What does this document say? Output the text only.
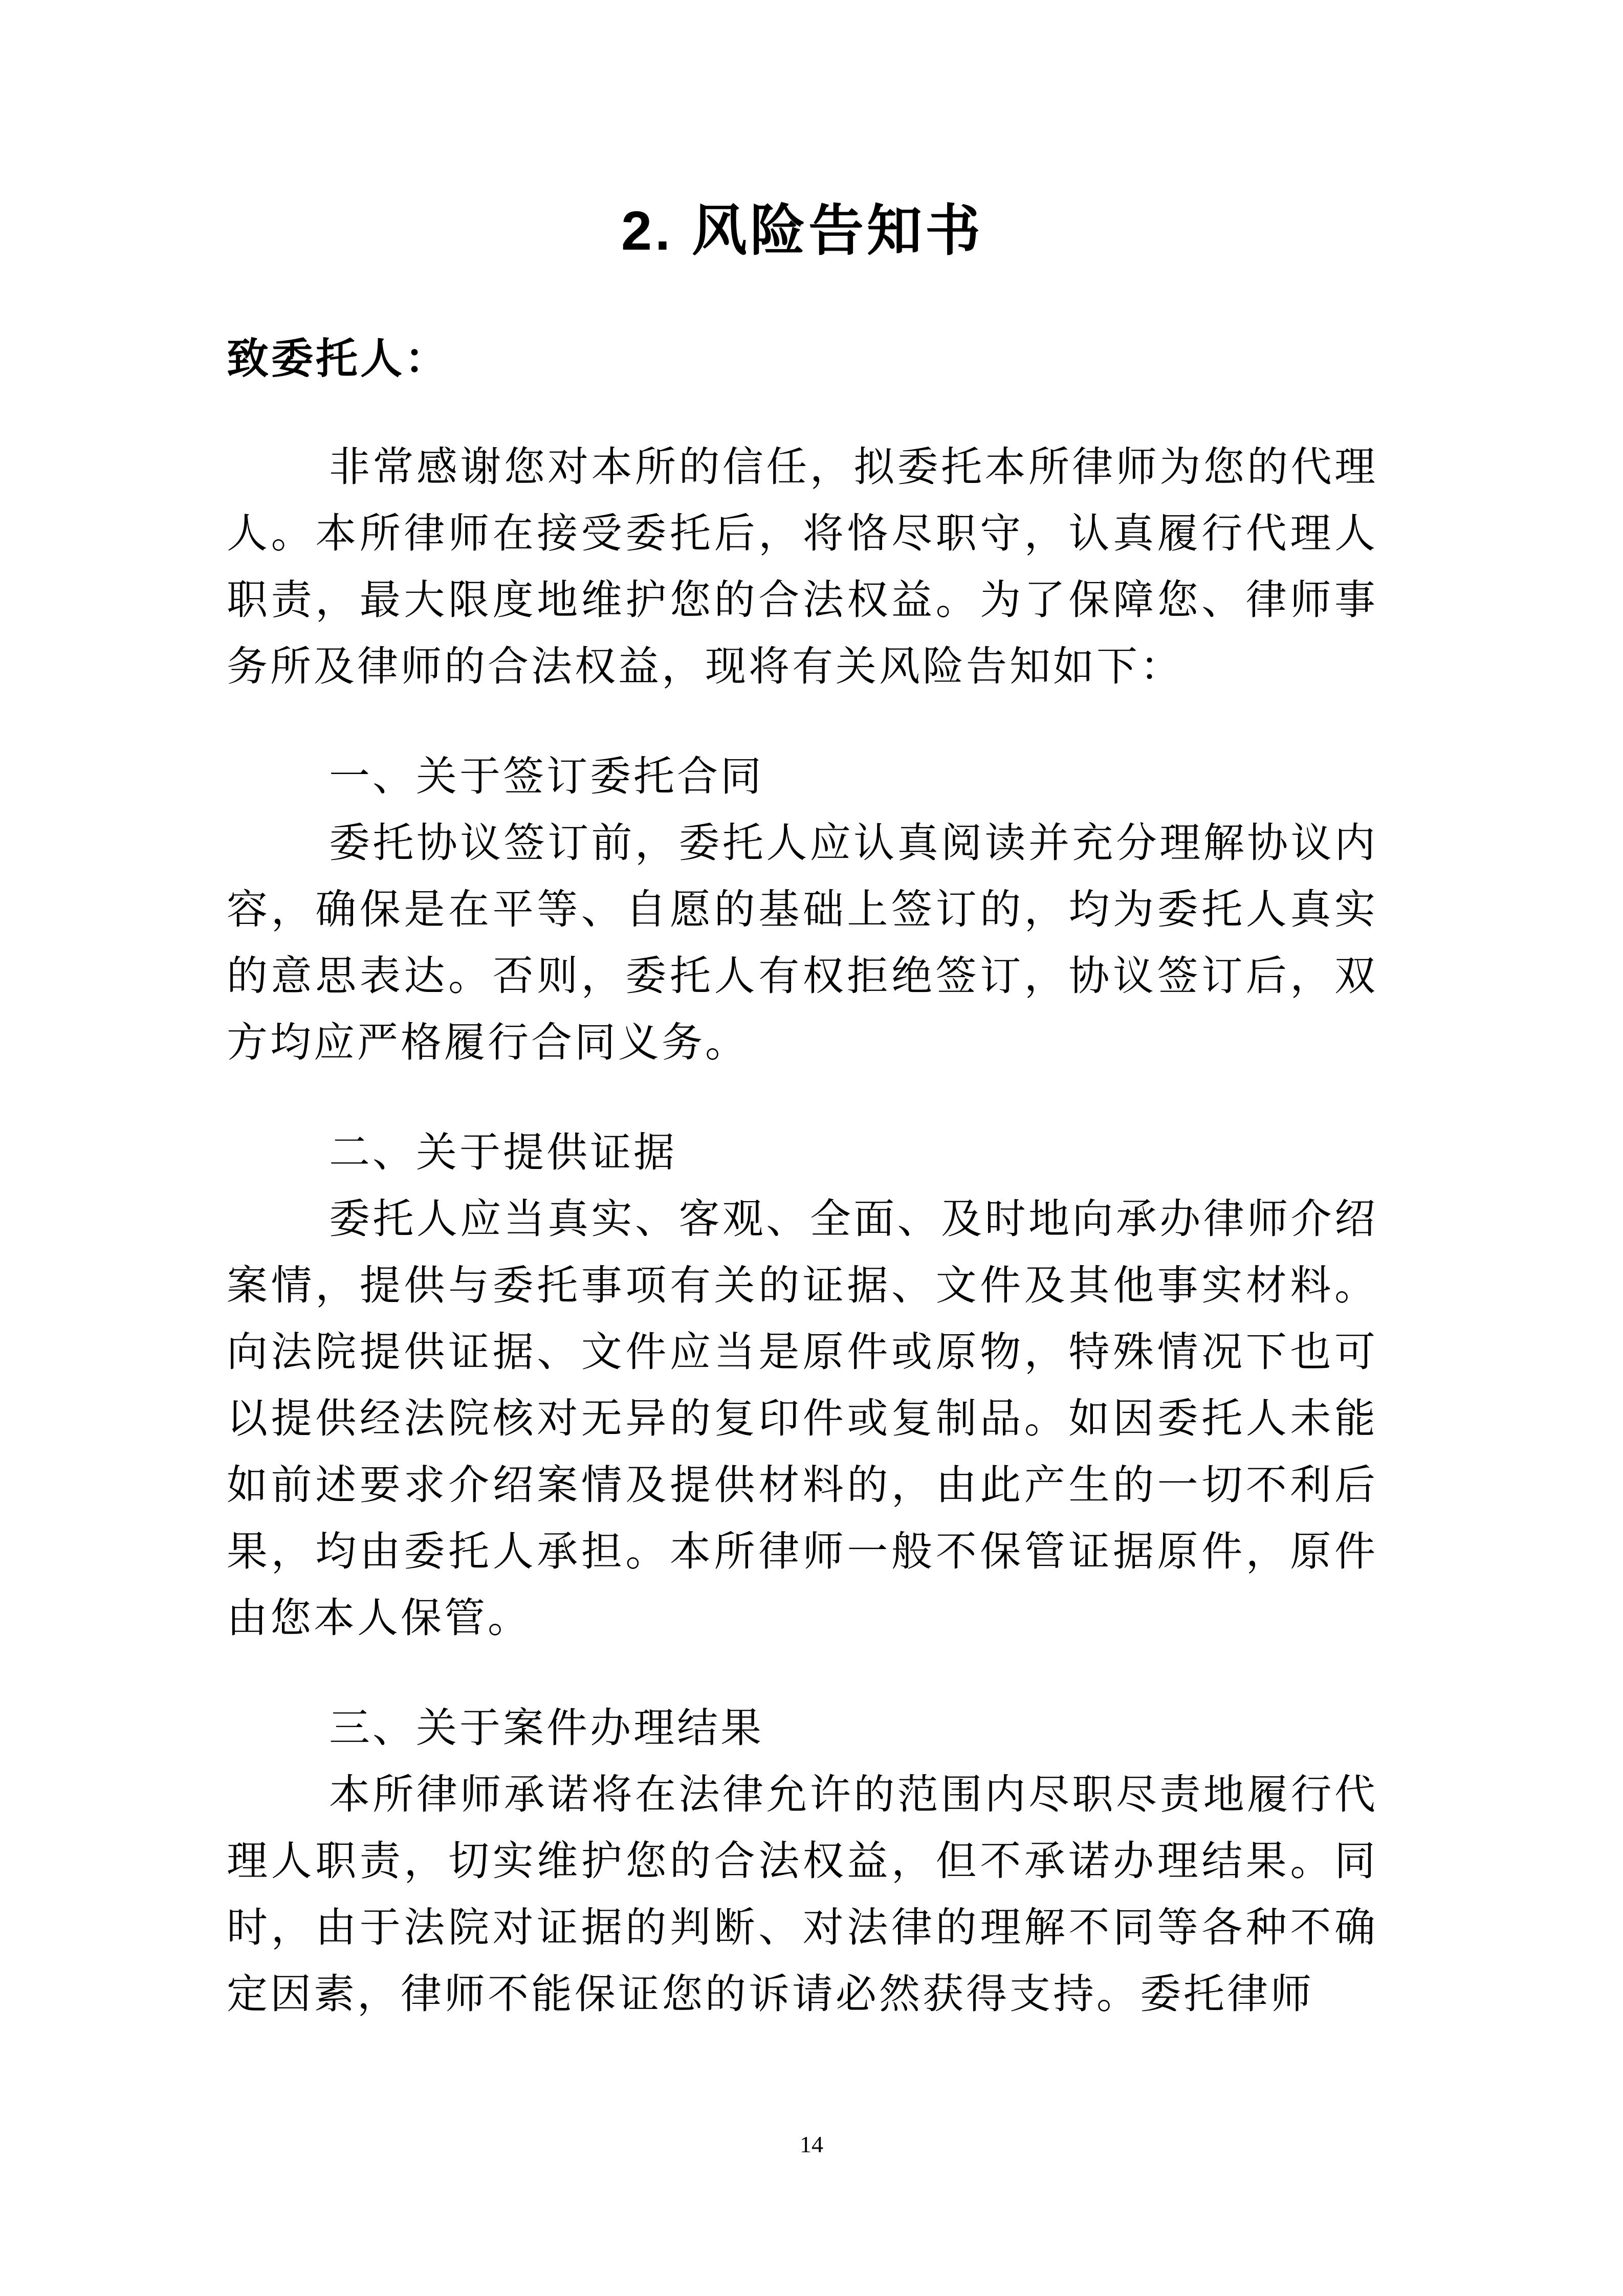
2. 风险告知书

致委托人：

非常感谢您对本所的信任，拟委托本所律师为您的代理人。本所律师在接受委托后，将恪尽职守，认真履行代理人职责，最大限度地维护您的合法权益。为了保障您、律师事务所及律师的合法权益，现将有关风险告知如下：

一、关于签订委托合同

委托协议签订前，委托人应认真阅读并充分理解协议内容，确保是在平等、自愿的基础上签订的，均为委托人真实的意思表达。否则，委托人有权拒绝签订，协议签订后，双方均应严格履行合同义务。

二、关于提供证据

委托人应当真实、客观、全面、及时地向承办律师介绍案情，提供与委托事项有关的证据、文件及其他事实材料。向法院提供证据、文件应当是原件或原物，特殊情况下也可以提供经法院核对无异的复印件或复制品。如因委托人未能如前述要求介绍案情及提供材料的，由此产生的一切不利后果，均由委托人承担。本所律师一般不保管证据原件，原件由您本人保管。

三、关于案件办理结果

本所律师承诺将在法律允许的范围内尽职尽责地履行代理人职责，切实维护您的合法权益，但不承诺办理结果。同时，由于法院对证据的判断、对法律的理解不同等各种不确定因素，律师不能保证您的诉请必然获得支持。委托律师

14
